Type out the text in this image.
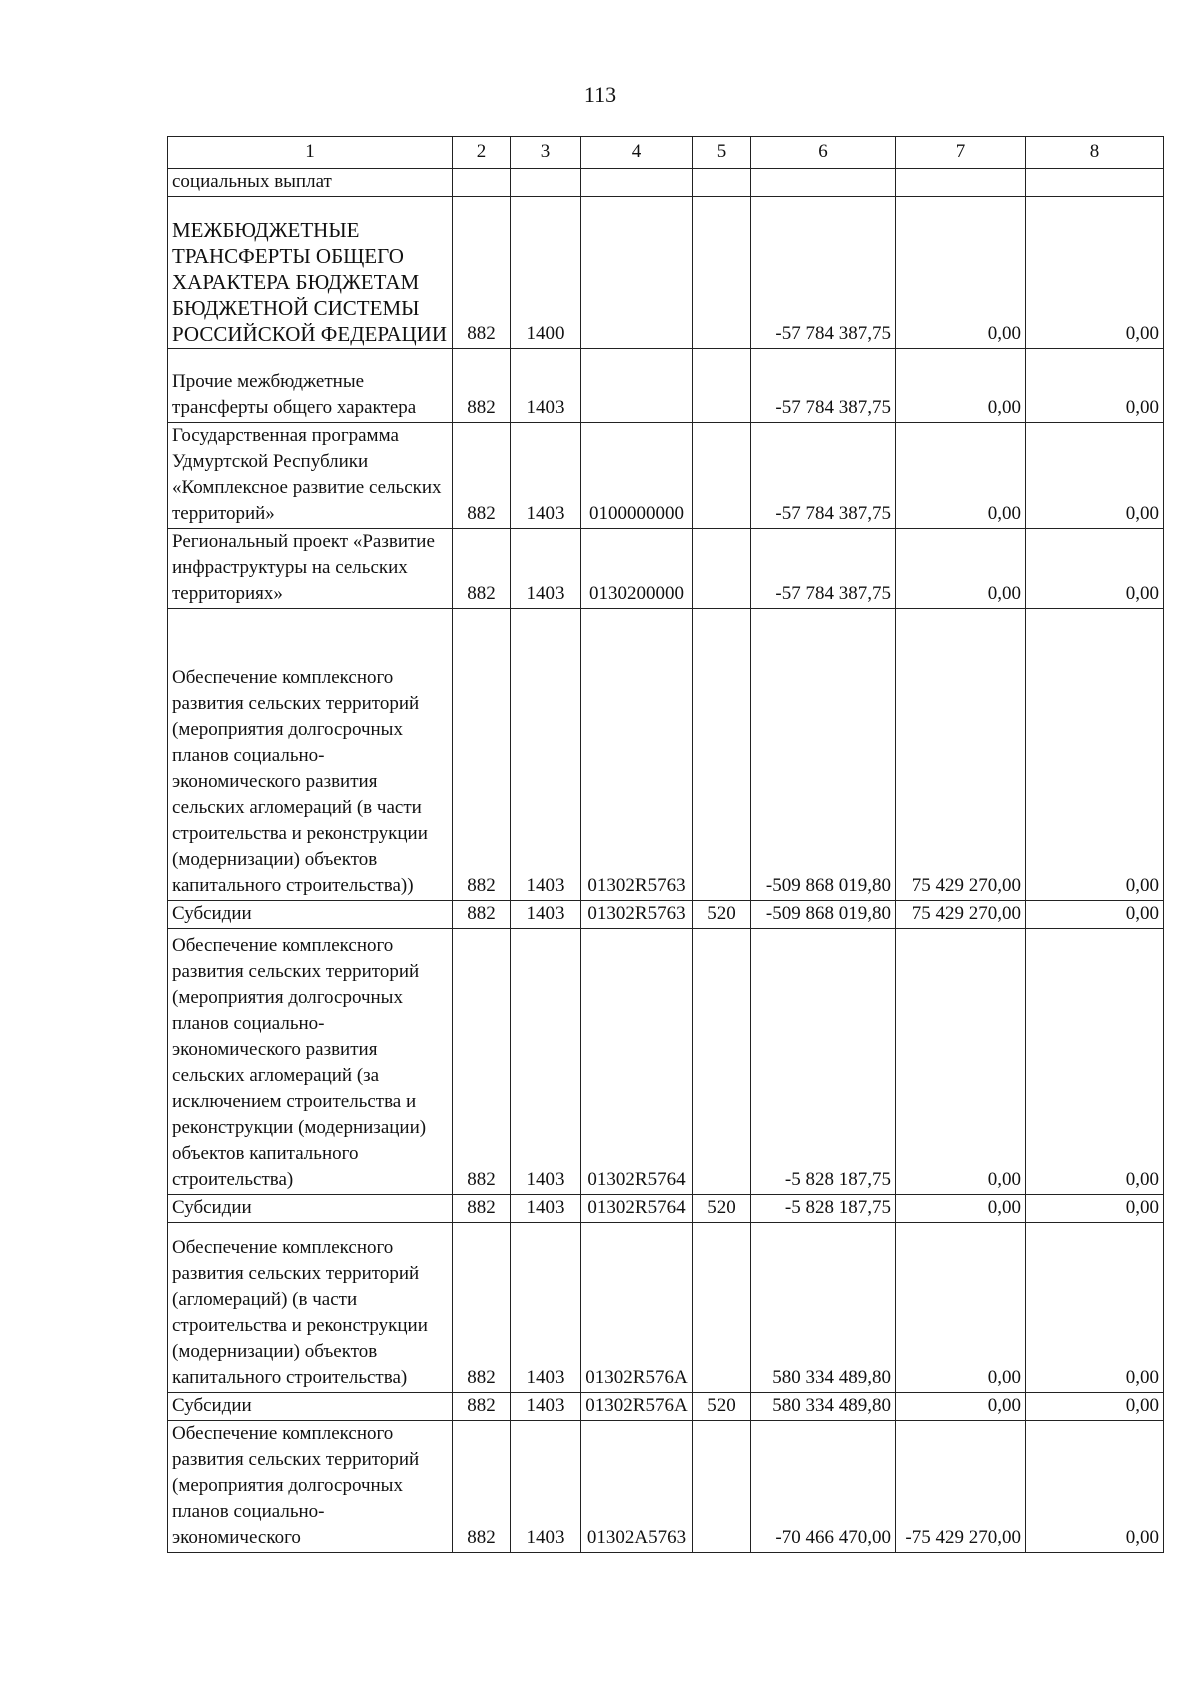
113
1	2	3	4	5	6	7	8
социальных выплат							
МЕЖБЮДЖЕТНЫЕ ТРАНСФЕРТЫ ОБЩЕГО ХАРАКТЕРА БЮДЖЕТАМ БЮДЖЕТНОЙ СИСТЕМЫ РОССИЙСКОЙ ФЕДЕРАЦИИ	882	1400			-57 784 387,75	0,00	0,00
Прочие межбюджетные трансферты общего характера	882	1403			-57 784 387,75	0,00	0,00
Государственная программа Удмуртской Республики «Комплексное развитие сельских территорий»	882	1403	0100000000		-57 784 387,75	0,00	0,00
Региональный проект «Развитие инфраструктуры на сельских территориях»	882	1403	0130200000		-57 784 387,75	0,00	0,00
Обеспечение комплексного развития сельских территорий (мероприятия долгосрочных планов социально-экономического развития сельских агломераций (в части строительства и реконструкции (модернизации) объектов капитального строительства))	882	1403	01302R5763		-509 868 019,80	75 429 270,00	0,00
Субсидии	882	1403	01302R5763	520	-509 868 019,80	75 429 270,00	0,00
Обеспечение комплексного развития сельских территорий (мероприятия долгосрочных планов социально-экономического развития сельских агломераций (за исключением строительства и реконструкции (модернизации) объектов капитального строительства)	882	1403	01302R5764		-5 828 187,75	0,00	0,00
Субсидии	882	1403	01302R5764	520	-5 828 187,75	0,00	0,00
Обеспечение комплексного развития сельских территорий (агломераций) (в части строительства и реконструкции (модернизации) объектов капитального строительства)	882	1403	01302R576A		580 334 489,80	0,00	0,00
Субсидии	882	1403	01302R576A	520	580 334 489,80	0,00	0,00
Обеспечение комплексного развития сельских территорий (мероприятия долгосрочных планов социально-экономического	882	1403	01302A5763		-70 466 470,00	-75 429 270,00	0,00
